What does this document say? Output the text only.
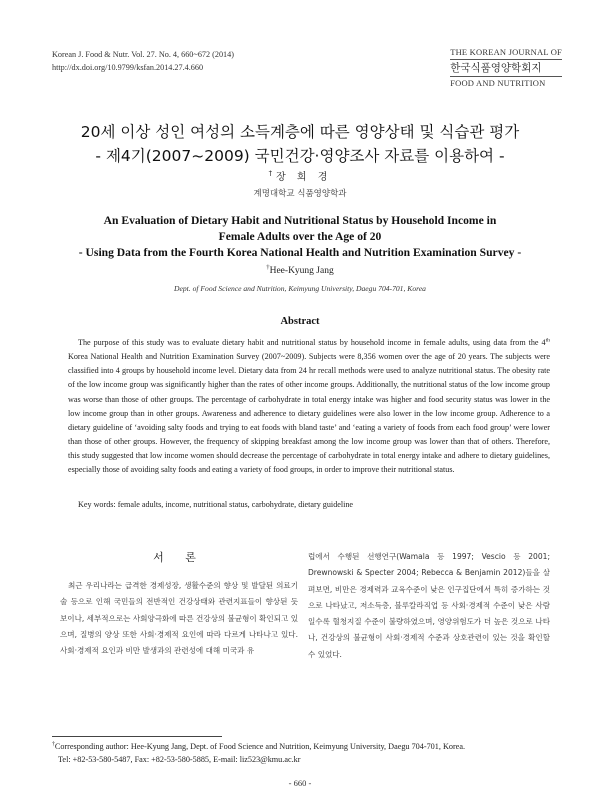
Korean J. Food & Nutr. Vol. 27. No. 4, 660~672 (2014)
http://dx.doi.org/10.9799/ksfan.2014.27.4.660
THE KOREAN JOURNAL OF
한국식품영양학회지
FOOD AND NUTRITION
20세 이상 성인 여성의 소득계층에 따른 영양상태 및 식습관 평가
- 제4기(2007~2009) 국민건강·영양조사 자료를 이용하여 -
†장 희 경
계명대학교 식품영양학과
An Evaluation of Dietary Habit and Nutritional Status by Household Income in
Female Adults over the Age of 20
- Using Data from the Fourth Korea National Health and Nutrition Examination Survey -
†Hee-Kyung Jang
Dept. of Food Science and Nutrition, Keimyung University, Daegu 704-701, Korea
Abstract
The purpose of this study was to evaluate dietary habit and nutritional status by household income in female adults, using data from the 4th Korea National Health and Nutrition Examination Survey (2007~2009). Subjects were 8,356 women over the age of 20 years. The subjects were classified into 4 groups by household income level. Dietary data from 24 hr recall methods were used to analyze nutritional status. The obesity rate of the low income group was significantly higher than the rates of other income groups. Additionally, the nutritional status of the low income group was worse than those of other groups. The percentage of carbohydrate in total energy intake was higher and food security status was lower in the low income group than in other groups. Awareness and adherence to dietary guidelines were also lower in the low income group. Adherence to a dietary guideline of ‘avoiding salty foods and trying to eat foods with bland taste’ and ‘eating a variety of foods from each food group’ were lower than those of other groups. However, the frequency of skipping breakfast among the low income group was lower than that of others. Therefore, this study suggested that low income women should decrease the percentage of carbohydrate in total energy intake and adhere to dietary guidelines, especially those of avoiding salty foods and eating a variety of food groups, in order to improve their nutritional status.
Key words: female adults, income, nutritional status, carbohydrate, dietary guideline
서 론
최근 우리나라는 급격한 경제성장, 생활수준의 향상 및 발달된 의료기술 등으로 인해 국민들의 전반적인 건강상태와 관련지표들이 향상된 듯 보이나, 세부적으로는 사회양극화에 따른 건강상의 불균형이 확인되고 있으며, 질병의 양상 또한 사회·경제적 요인에 따라 다르게 나타나고 있다. 사회·경제적 요인과 비만 발생과의 관련성에 대해 미국과 유
럽에서 수행된 선행연구(Wamala 등 1997; Vescio 등 2001; Drewnowski & Specter 2004; Rebecca & Benjamin 2012)들을 살펴보면, 비만은 경제력과 교육수준이 낮은 인구집단에서 특히 증가하는 것으로 나타났고, 저소득층, 블루칼라직업 등 사회·경제적 수준이 낮은 사람일수록 혈청지질 수준이 불량하였으며, 영양위험도가 더 높은 것으로 나타나, 건강상의 불균형이 사회·경제적 수준과 상호관련이 있는 것을 확인할 수 있었다.
†Corresponding author: Hee-Kyung Jang, Dept. of Food Science and Nutrition, Keimyung University, Daegu 704-701, Korea.
Tel: +82-53-580-5487, Fax: +82-53-580-5885, E-mail: liz523@kmu.ac.kr
- 660 -
